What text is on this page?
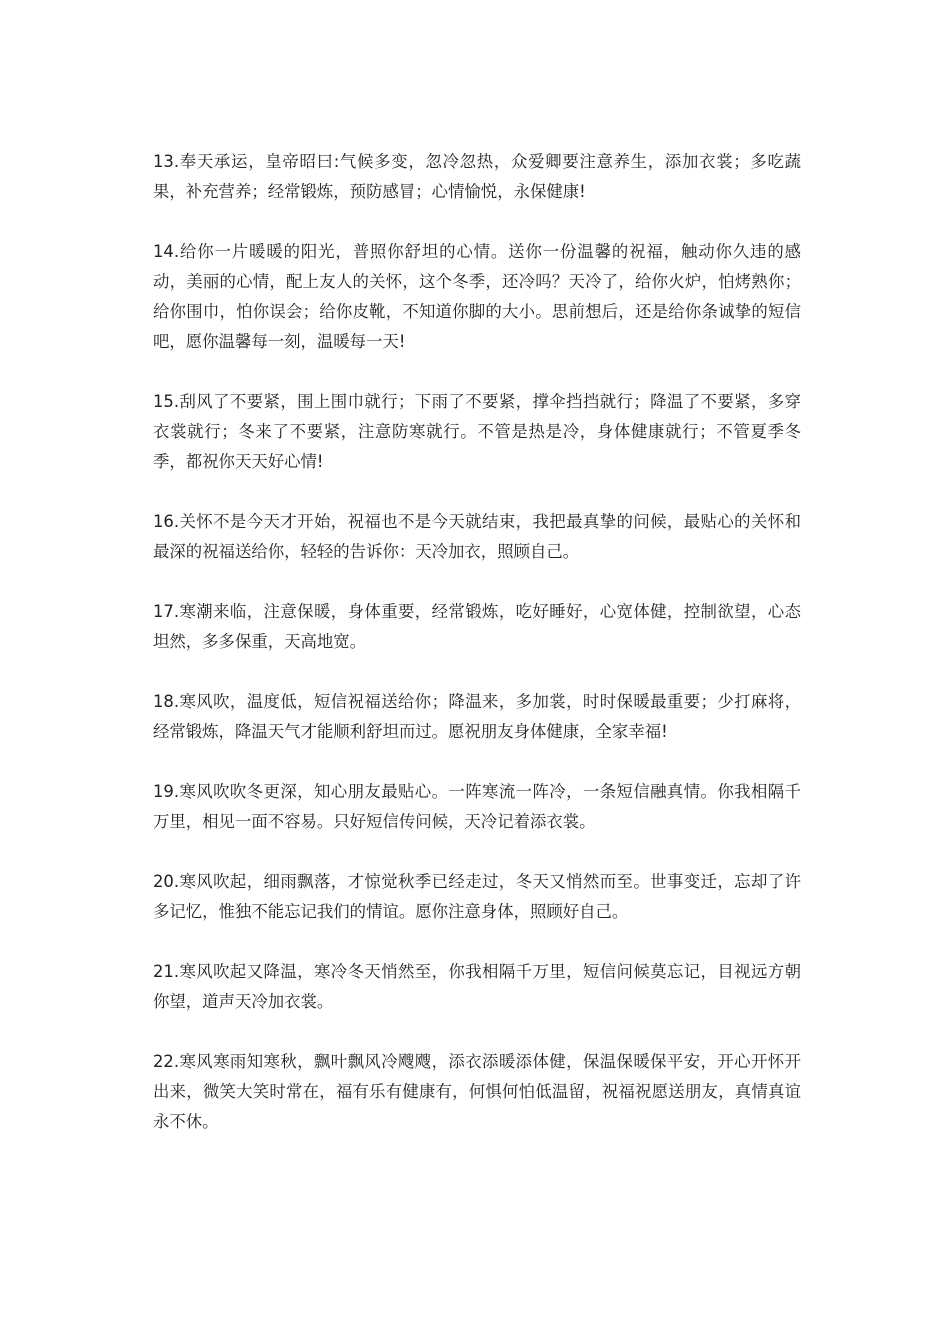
13.奉天承运，皇帝昭曰:气候多变，忽冷忽热，众爱卿要注意养生，添加衣裳；多吃蔬果，补充营养；经常锻炼，预防感冒；心情愉悦，永保健康!

14.给你一片暖暖的阳光，普照你舒坦的心情。送你一份温馨的祝福，触动你久违的感动，美丽的心情，配上友人的关怀，这个冬季，还冷吗？天冷了，给你火炉，怕烤熟你；给你围巾，怕你误会；给你皮靴，不知道你脚的大小。思前想后，还是给你条诚挚的短信吧，愿你温馨每一刻，温暖每一天!

15.刮风了不要紧，围上围巾就行；下雨了不要紧，撑伞挡挡就行；降温了不要紧，多穿衣裳就行；冬来了不要紧，注意防寒就行。不管是热是冷，身体健康就行；不管夏季冬季，都祝你天天好心情!

16.关怀不是今天才开始，祝福也不是今天就结束，我把最真挚的问候，最贴心的关怀和最深的祝福送给你，轻轻的告诉你：天冷加衣，照顾自己。

17.寒潮来临，注意保暖，身体重要，经常锻炼，吃好睡好，心宽体健，控制欲望，心态坦然，多多保重，天高地宽。

18.寒风吹，温度低，短信祝福送给你；降温来，多加裳，时时保暖最重要；少打麻将，经常锻炼，降温天气才能顺利舒坦而过。愿祝朋友身体健康，全家幸福!

19.寒风吹吹冬更深，知心朋友最贴心。一阵寒流一阵冷，一条短信融真情。你我相隔千万里，相见一面不容易。只好短信传问候，天冷记着添衣裳。

20.寒风吹起，细雨飘落，才惊觉秋季已经走过，冬天又悄然而至。世事变迁，忘却了许多记忆，惟独不能忘记我们的情谊。愿你注意身体，照顾好自己。

21.寒风吹起又降温，寒冷冬天悄然至，你我相隔千万里，短信问候莫忘记，目视远方朝你望，道声天冷加衣裳。

22.寒风寒雨知寒秋，飘叶飘风冷飕飕，添衣添暖添体健，保温保暖保平安，开心开怀开出来，微笑大笑时常在，福有乐有健康有，何惧何怕低温留，祝福祝愿送朋友，真情真谊永不休。
